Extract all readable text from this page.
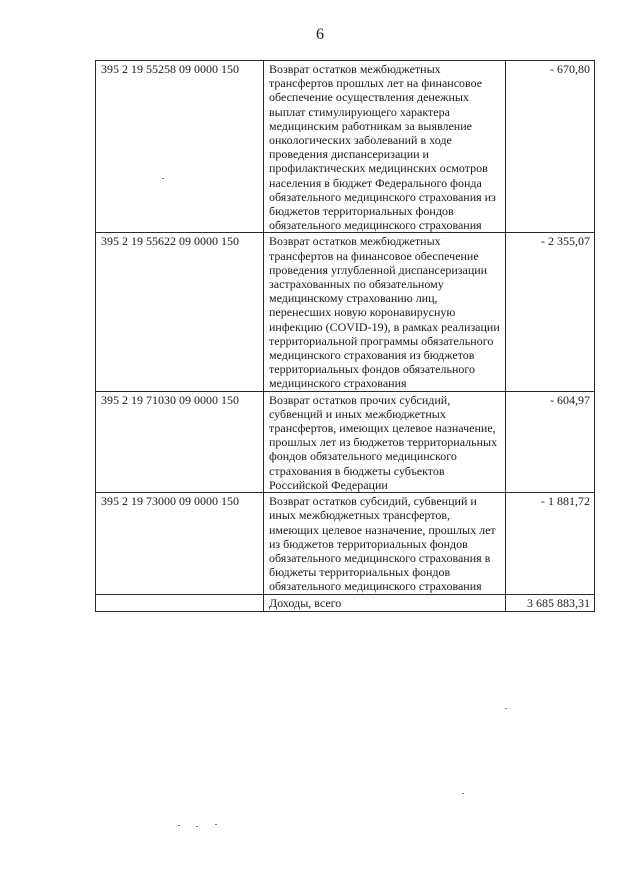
6
395 2 19 55258 09 0000 150	Возврат остатков межбюджетных трансфертов прошлых лет на финансовое обеспечение осуществления денежных выплат стимулирующего характера медицинским работникам за выявление онкологических заболеваний в ходе проведения диспансеризации и профилактических медицинских осмотров населения в бюджет Федерального фонда обязательного медицинского страхования из бюджетов территориальных фондов обязательного медицинского страхования	- 670,80
395 2 19 55622 09 0000 150	Возврат остатков межбюджетных трансфертов на финансовое обеспечение проведения углубленной диспансеризации застрахованных по обязательному медицинскому страхованию лиц, перенесших новую коронавирусную инфекцию (COVID-19), в рамках реализации территориальной программы обязательного медицинского страхования из бюджетов территориальных фондов обязательного медицинского страхования	- 2 355,07
395 2 19 71030 09 0000 150	Возврат остатков прочих субсидий, субвенций и иных межбюджетных трансфертов, имеющих целевое назначение, прошлых лет из бюджетов территориальных фондов обязательного медицинского страхования в бюджеты субъектов Российской Федерации	- 604,97
395 2 19 73000 09 0000 150	Возврат остатков субсидий, субвенций и иных межбюджетных трансфертов, имеющих целевое назначение, прошлых лет из бюджетов территориальных фондов обязательного медицинского страхования в бюджеты территориальных фондов обязательного медицинского страхования	- 1 881,72
	Доходы, всего	3 685 883,31
